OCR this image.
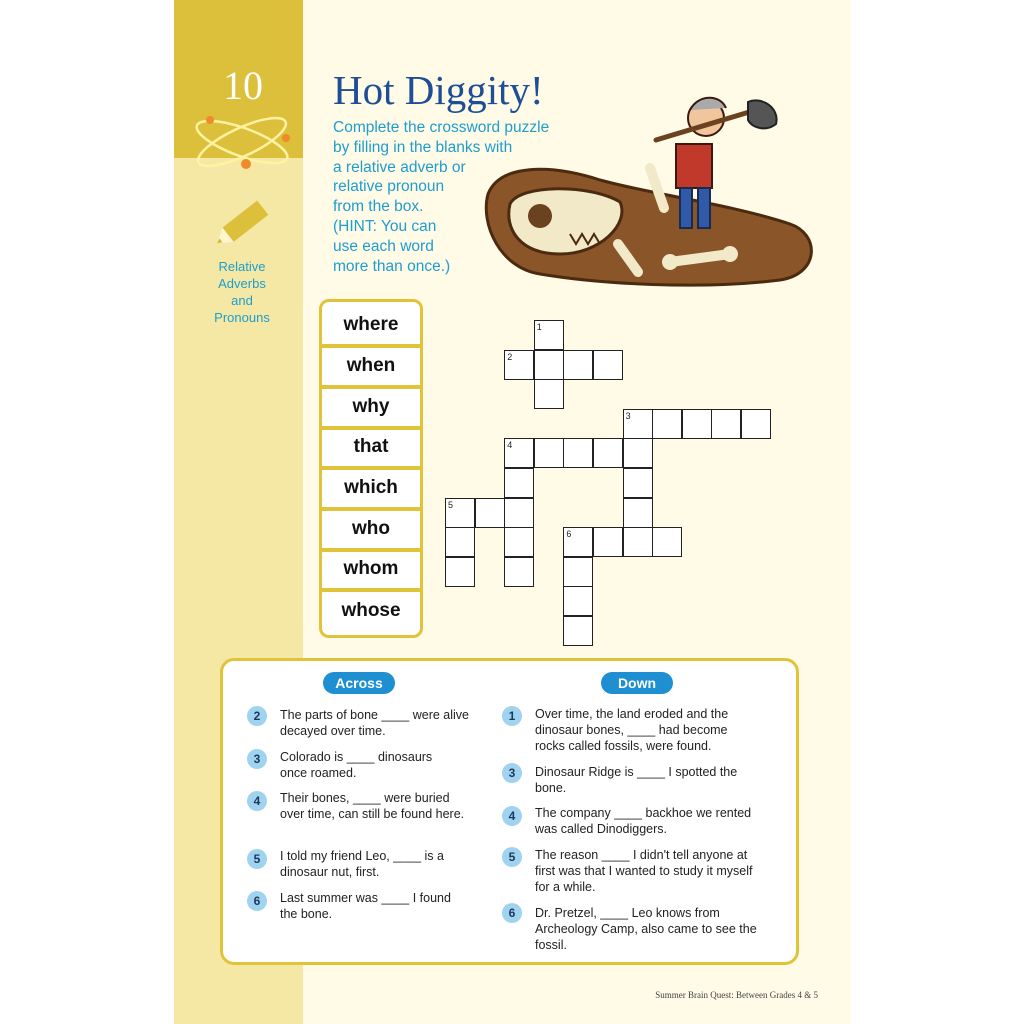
10
Relative Adverbs and Pronouns
Hot Diggity!
Complete the crossword puzzle
by filling in the blanks with
a relative adverb or
relative pronoun
from the box.
(HINT: You can
use each word
more than once.)
where
when
why
that
which
who
whom
whose
1
2
3
4
5
6
Across	Down
2	The parts of bone ____ were alive decayed over time.
3	Colorado is ____ dinosaurs once roamed.
4	Their bones, ____ were buried over time, can still be found here.
5	I told my friend Leo, ____ is a dinosaur nut, first.
6	Last summer was ____ I found the bone.
1	Over time, the land eroded and the dinosaur bones, ____ had become rocks called fossils, were found.
3	Dinosaur Ridge is ____ I spotted the bone.
4	The company ____ backhoe we rented was called Dinodiggers.
5	The reason ____ I didn't tell anyone at first was that I wanted to study it myself for a while.
6	Dr. Pretzel, ____ Leo knows from Archeology Camp, also came to see the fossil.
Summer Brain Quest: Between Grades 4 & 5
